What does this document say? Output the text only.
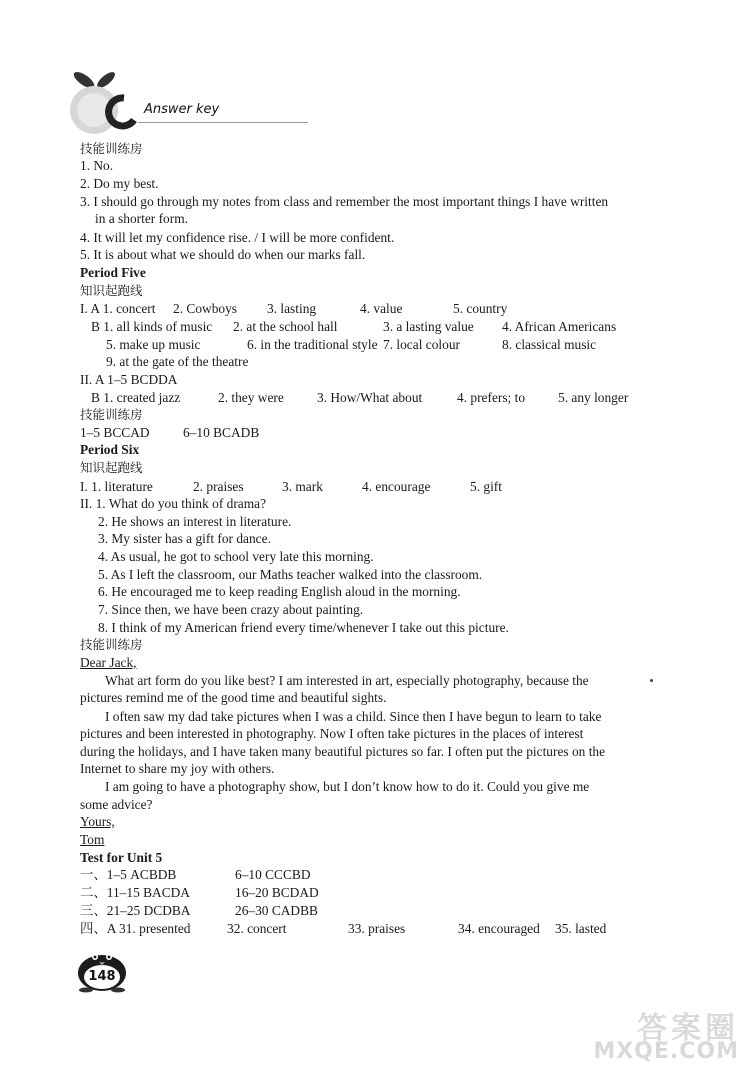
Answer key
技能训练房
1. No.
2. Do my best.
3. I should go through my notes from class and remember the most important things I have written
in a shorter form.
4. It will let my confidence rise. / I will be more confident.
5. It is about what we should do when our marks fall.
Period Five
知识起跑线
I. A 1. concert 2. Cowboys 3. lasting	4. value	5. country
B 1. all kinds of music 2. at the school hall	3. a lasting value 4. African Americans
5. make up music	6. in the traditional style 7. local colour	8. classical music
9. at the gate of the theatre
II. A 1–5 BCDDA
B 1. created jazz	2. they were 3. How/What about	4. prefers; to 5. any longer
技能训练房
1–5 BCCAD 6–10 BCADB
Period Six
知识起跑线
I. 1. literature	2. praises	3. mark	4. encourage	5. gift
II. 1. What do you think of drama?
2. He shows an interest in literature.
3. My sister has a gift for dance.
4. As usual, he got to school very late this morning.
5. As I left the classroom, our Maths teacher walked into the classroom.
6. He encouraged me to keep reading English aloud in the morning.
7. Since then, we have been crazy about painting.
8. I think of my American friend every time/whenever I take out this picture.
技能训练房
Dear Jack,
What art form do you like best? I am interested in art, especially photography, because the
pictures remind me of the good time and beautiful sights.
I often saw my dad take pictures when I was a child. Since then I have begun to learn to take
pictures and been interested in photography. Now I often take pictures in the places of interest
during the holidays, and I have taken many beautiful pictures so far. I often put the pictures on the
Internet to share my joy with others.
I am going to have a photography show, but I don’t know how to do it. Could you give me
some advice?
Yours,
Tom
Test for Unit 5
一、1–5 ACBDB	6–10 CCCBD
二、11–15 BACDA	16–20 BCDAD
三、21–25 DCDBA	26–30 CADBB
四、A 31. presented	32. concert	33. praises	34. encouraged 35. lasted
148
答案圈
MXQE.COM
